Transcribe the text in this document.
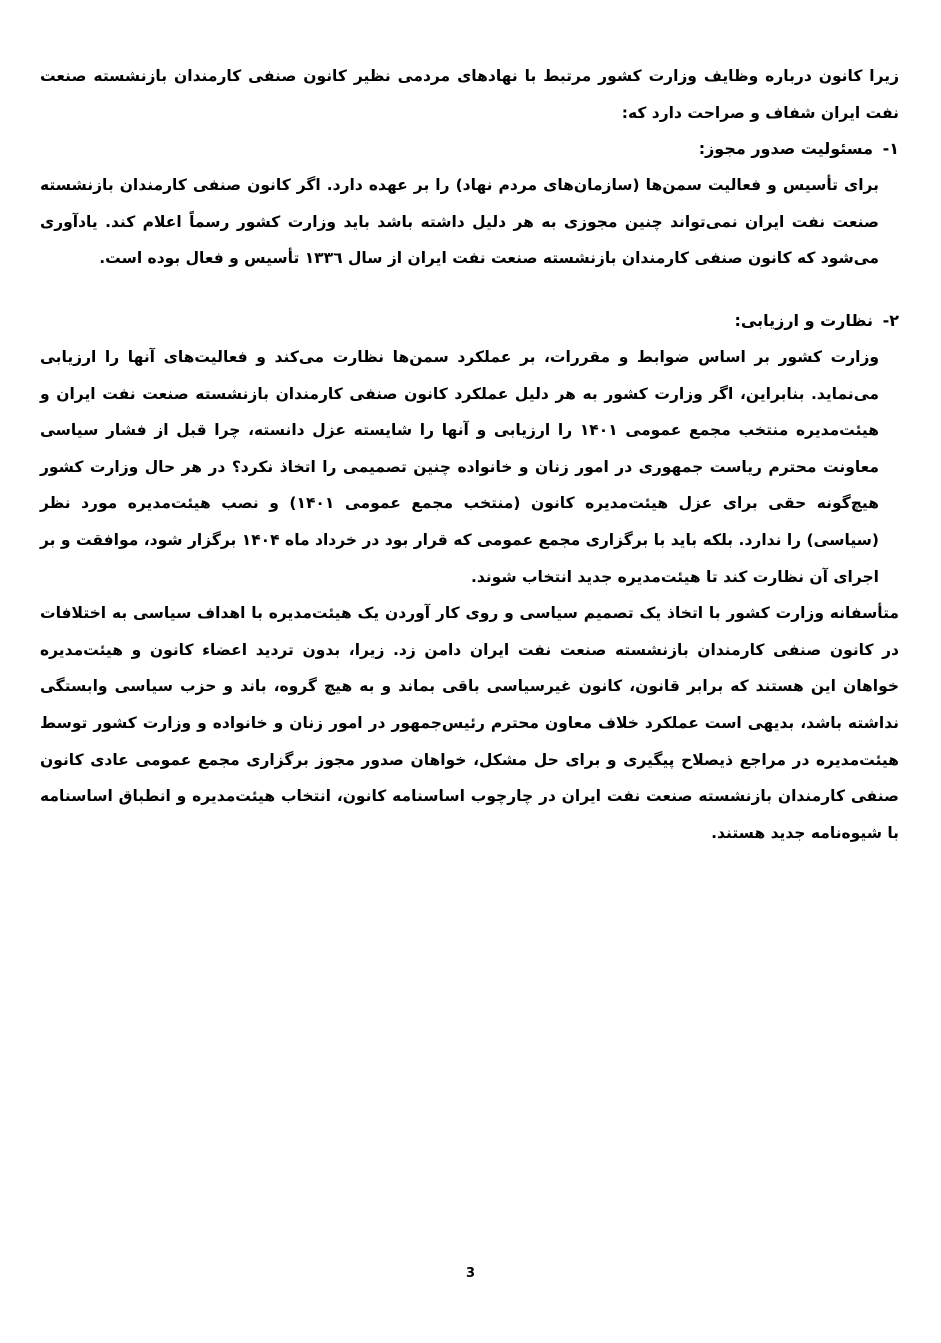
زیرا کانون درباره وظایف وزارت کشور مرتبط با نهادهای مردمی نظیر کانون صنفی کارمندان بازنشسته صنعت نفت ایران شفاف و صراحت دارد که:

۱-مسئولیت صدور مجوز:

برای تأسیس و فعالیت سمن‌ها (سازمان‌های مردم نهاد) را بر عهده دارد. اگر کانون صنفی کارمندان بازنشسته صنعت نفت ایران نمی‌تواند چنین مجوزی به هر دلیل داشته باشد باید وزارت کشور رسماً اعلام کند. یادآوری می‌شود که کانون صنفی کارمندان بازنشسته صنعت نفت ایران از سال ۱۳۳٦ تأسیس و فعال بوده است.

۲-نظارت و ارزیابی:

وزارت کشور بر اساس ضوابط و مقررات، بر عملکرد سمن‌ها نظارت می‌کند و فعالیت‌های آنها را ارزیابی می‌نماید. بنابراین، اگر وزارت کشور به هر دلیل عملکرد کانون صنفی کارمندان بازنشسته صنعت نفت ایران و هیئت‌مدیره منتخب مجمع عمومی ۱۴۰۱ را ارزیابی و آنها را شایسته عزل دانسته، چرا قبل از فشار سیاسی معاونت محترم ریاست جمهوری در امور زنان و خانواده چنین تصمیمی را اتخاذ نکرد؟ در هر حال وزارت کشور هیچ‌گونه حقی برای عزل هیئت‌مدیره کانون (منتخب مجمع عمومی ۱۴۰۱) و نصب هیئت‌مدیره مورد نظر (سیاسی) را ندارد. بلکه باید با برگزاری مجمع عمومی که قرار بود در خرداد ماه ۱۴۰۴ برگزار شود، موافقت و بر اجرای آن نظارت کند تا هیئت‌مدیره جدید انتخاب شوند.

متأسفانه وزارت کشور با اتخاذ یک تصمیم سیاسی و روی کار آوردن یک هیئت‌مدیره با اهداف سیاسی به اختلافات در کانون صنفی کارمندان بازنشسته صنعت نفت ایران دامن زد. زیرا، بدون تردید اعضاء کانون و هیئت‌مدیره خواهان این هستند که برابر قانون، کانون غیرسیاسی باقی بماند و به هیچ گروه، باند و حزب سیاسی وابستگی نداشته باشد، بدیهی است عملکرد خلاف معاون محترم رئیس‌جمهور در امور زنان و خانواده و وزارت کشور توسط هیئت‌مدیره در مراجع ذیصلاح پیگیری و برای حل مشکل، خواهان صدور مجوز برگزاری مجمع عمومی عادی کانون صنفی کارمندان بازنشسته صنعت نفت ایران در چارچوب اساسنامه کانون، انتخاب هیئت‌مدیره و انطباق اساسنامه با شیوه‌نامه جدید هستند.

3
